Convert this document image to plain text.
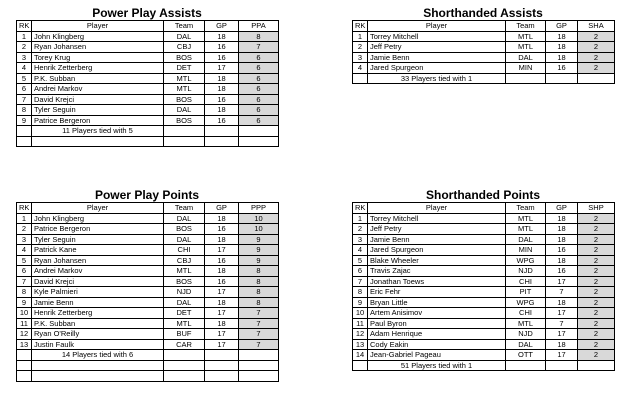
Power Play Assists
RK	Player	Team	GP	PPA
1	John Klingberg	DAL	18	8
2	Ryan Johansen	CBJ	16	7
3	Torey Krug	BOS	16	6
4	Henrik Zetterberg	DET	17	6
5	P.K. Subban	MTL	18	6
6	Andrei Markov	MTL	18	6
7	David Krejci	BOS	16	6
8	Tyler Seguin	DAL	18	6
9	Patrice Bergeron	BOS	16	6
	11 Players tied with 5			

Shorthanded Assists
RK	Player	Team	GP	SHA
1	Torrey Mitchell	MTL	18	2
2	Jeff Petry	MTL	18	2
3	Jamie Benn	DAL	18	2
4	Jared Spurgeon	MIN	16	2
	33 Players tied with 1			
Power Play Points
RK	Player	Team	GP	PPP
1	John Klingberg	DAL	18	10
2	Patrice Bergeron	BOS	16	10
3	Tyler Seguin	DAL	18	9
4	Patrick Kane	CHI	17	9
5	Ryan Johansen	CBJ	16	9
6	Andrei Markov	MTL	18	8
7	David Krejci	BOS	16	8
8	Kyle Palmieri	NJD	17	8
9	Jamie Benn	DAL	18	8
10	Henrik Zetterberg	DET	17	7
11	P.K. Subban	MTL	18	7
12	Ryan O'Reilly	BUF	17	7
13	Justin Faulk	CAR	17	7
	14 Players tied with 6			

Shorthanded Points
RK	Player	Team	GP	SHP
1	Torrey Mitchell	MTL	18	2
2	Jeff Petry	MTL	18	2
3	Jamie Benn	DAL	18	2
4	Jared Spurgeon	MIN	16	2
5	Blake Wheeler	WPG	18	2
6	Travis Zajac	NJD	16	2
7	Jonathan Toews	CHI	17	2
8	Eric Fehr	PIT	7	2
9	Bryan Little	WPG	18	2
10	Artem Anisimov	CHI	17	2
11	Paul Byron	MTL	7	2
12	Adam Henrique	NJD	17	2
13	Cody Eakin	DAL	18	2
14	Jean-Gabriel Pageau	OTT	17	2
	51 Players tied with 1			
